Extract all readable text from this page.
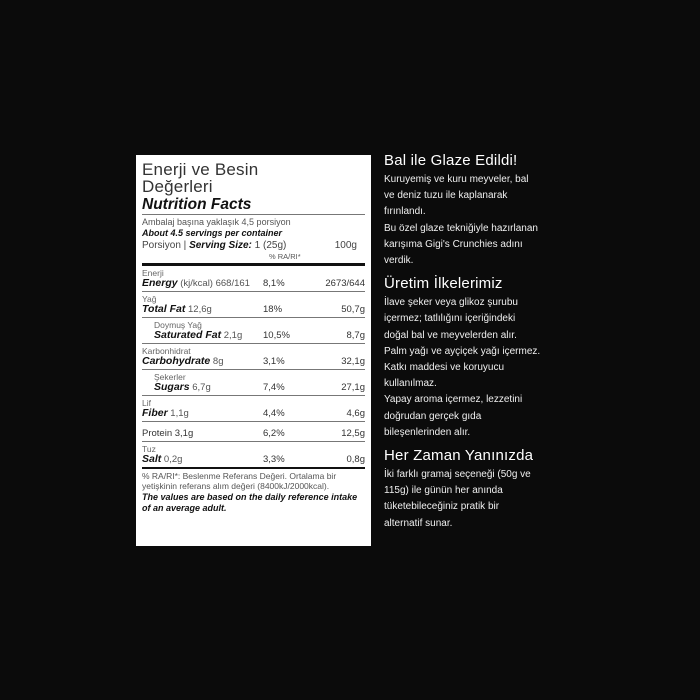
Enerji ve Besin
Değerleri
Nutrition Facts
Ambalaj başına yaklaşık 4,5 porsiyon
About 4.5 servings per container
Porsiyon | Serving Size: 1 (25g)	100g
% RA/RI*
Enerji
Energy (kj/kcal) 668/161	8,1%	2673/644
Yağ
Total Fat 12,6g	18%	50,7g
Doymuş Yağ
Saturated Fat 2,1g	10,5%	8,7g
Karbonhidrat
Carbohydrate 8g	3,1%	32,1g
Şekerler
Sugars 6,7g	7,4%	27,1g
Lif
Fiber 1,1g	4,4%	4,6g
Protein 3,1g	6,2%	12,5g
Tuz
Salt 0,2g	3,3%	0,8g
% RA/RI*: Beslenme Referans Değeri. Ortalama bir yetişkinin referans alım değeri (8400kJ/2000kcal).
The values are based on the daily reference intake of an average adult.
Bal ile Glaze Edildi!
Kuruyemiş ve kuru meyveler, bal
ve deniz tuzu ile kaplanarak
fırınlandı.
Bu özel glaze tekniğiyle hazırlanan
karışıma Gigi's Crunchies adını
verdik.
Üretim İlkelerimiz
İlave şeker veya glikoz şurubu
içermez; tatlılığını içeriğindeki
doğal bal ve meyvelerden alır.
Palm yağı ve ayçiçek yağı içermez.
Katkı maddesi ve koruyucu
kullanılmaz.
Yapay aroma içermez, lezzetini
doğrudan gerçek gıda
bileşenlerinden alır.
Her Zaman Yanınızda
İki farklı gramaj seçeneği (50g ve
115g) ile günün her anında
tüketebileceğiniz pratik bir
alternatif sunar.
